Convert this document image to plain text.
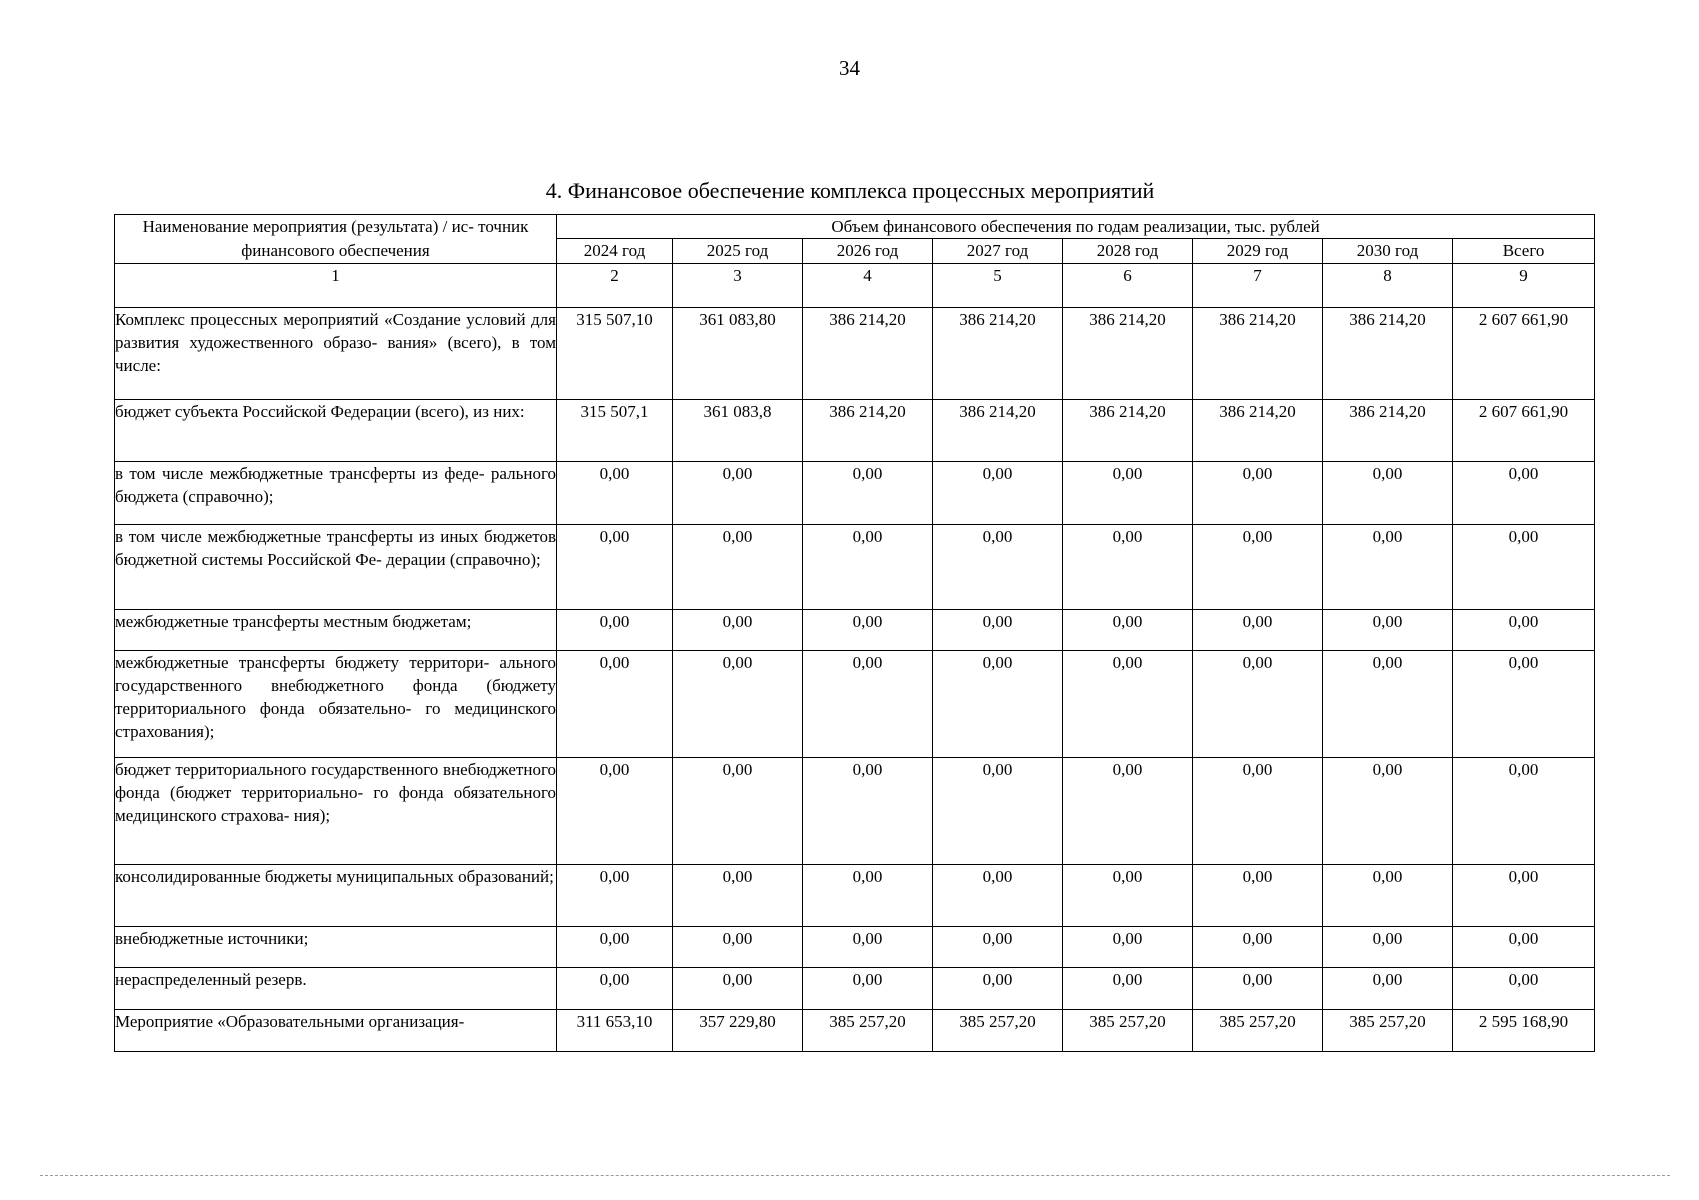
34
4. Финансовое обеспечение комплекса процессных мероприятий
Наименование мероприятия (результата) / ис- точник финансового обеспечения	Объем финансового обеспечения по годам реализации, тыс. рублей							
	2024 год	2025 год	2026 год	2027 год	2028 год	2029 год	2030 год	Всего
1	2	3	4	5	6	7	8	9
Комплекс процессных мероприятий «Создание условий для развития художественного образо- вания» (всего), в том числе:	315 507,10	361 083,80	386 214,20	386 214,20	386 214,20	386 214,20	386 214,20	2 607 661,90
бюджет субъекта Российской Федерации (всего), из них:	315 507,1	361 083,8	386 214,20	386 214,20	386 214,20	386 214,20	386 214,20	2 607 661,90
в том числе межбюджетные трансферты из феде- рального бюджета (справочно);	0,00	0,00	0,00	0,00	0,00	0,00	0,00	0,00
в том числе межбюджетные трансферты из иных бюджетов бюджетной системы Российской Фе- дерации (справочно);	0,00	0,00	0,00	0,00	0,00	0,00	0,00	0,00
межбюджетные трансферты местным бюджетам;	0,00	0,00	0,00	0,00	0,00	0,00	0,00	0,00
межбюджетные трансферты бюджету территори- ального государственного внебюджетного фонда (бюджету территориального фонда обязательно- го медицинского страхования);	0,00	0,00	0,00	0,00	0,00	0,00	0,00	0,00
бюджет территориального государственного внебюджетного фонда (бюджет территориально- го фонда обязательного медицинского страхова- ния);	0,00	0,00	0,00	0,00	0,00	0,00	0,00	0,00
консолидированные бюджеты муниципальных образований;	0,00	0,00	0,00	0,00	0,00	0,00	0,00	0,00
внебюджетные источники;	0,00	0,00	0,00	0,00	0,00	0,00	0,00	0,00
нераспределенный резерв.	0,00	0,00	0,00	0,00	0,00	0,00	0,00	0,00
Мероприятие «Образовательными организация-	311 653,10	357 229,80	385 257,20	385 257,20	385 257,20	385 257,20	385 257,20	2 595 168,90
